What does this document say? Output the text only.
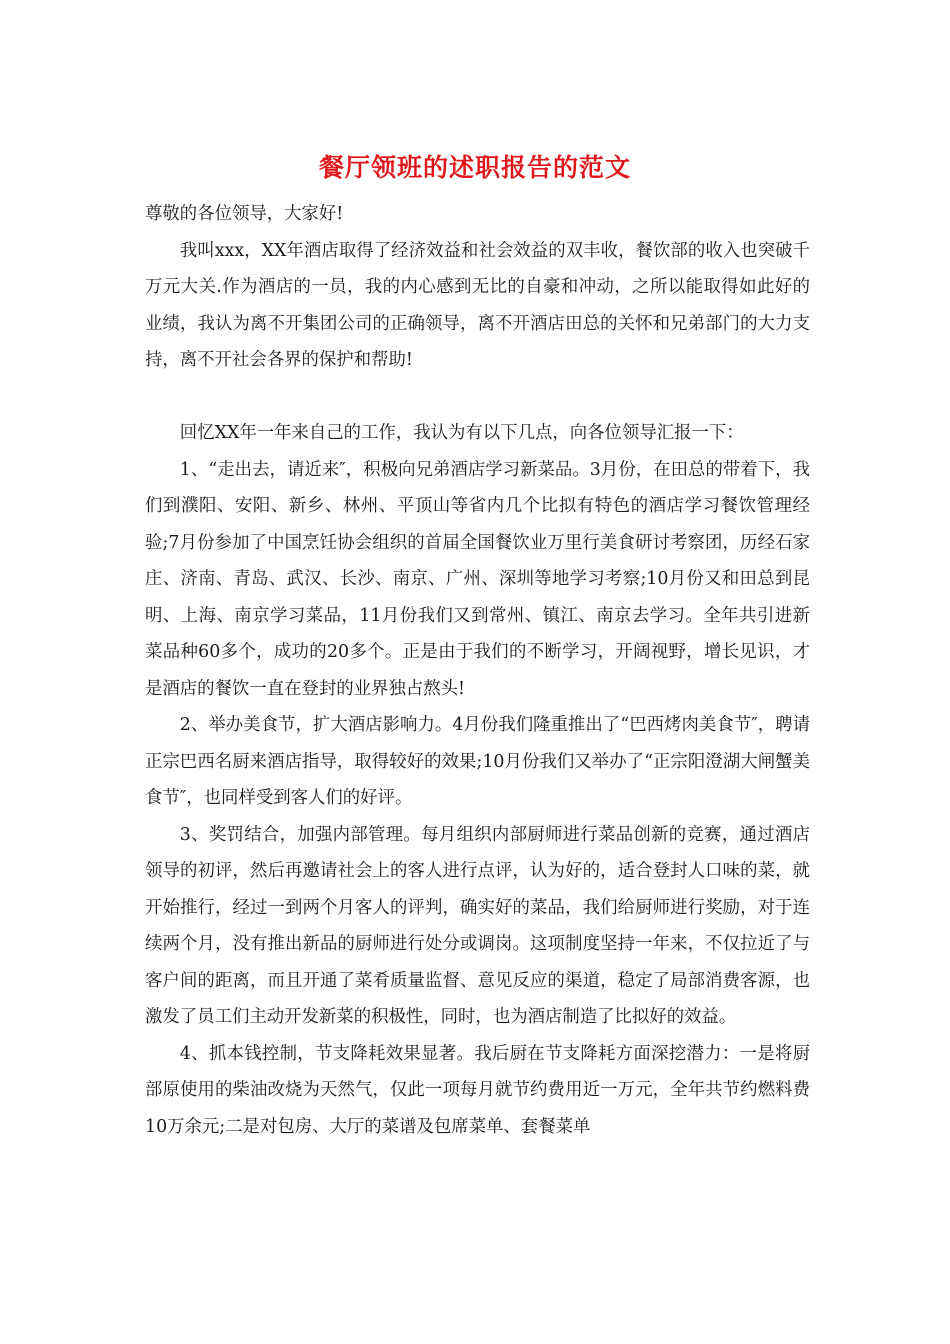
餐厅领班的述职报告的范文

尊敬的各位领导，大家好!

我叫xxx，XX年酒店取得了经济效益和社会效益的双丰收，餐饮部的收入也突破千万元大关.作为酒店的一员，我的内心感到无比的自豪和冲动，之所以能取得如此好的业绩，我认为离不开集团公司的正确领导，离不开酒店田总的关怀和兄弟部门的大力支持，离不开社会各界的保护和帮助!

回忆XX年一年来自己的工作，我认为有以下几点，向各位领导汇报一下：

1、“走出去，请近来″，积极向兄弟酒店学习新菜品。3月份，在田总的带着下，我们到濮阳、安阳、新乡、林州、平顶山等省内几个比拟有特色的酒店学习餐饮管理经验;7月份参加了中国烹饪协会组织的首届全国餐饮业万里行美食研讨考察团，历经石家庄、济南、青岛、武汉、长沙、南京、广州、深圳等地学习考察;10月份又和田总到昆明、上海、南京学习菜品，11月份我们又到常州、镇江、南京去学习。全年共引进新菜品种60多个，成功的20多个。正是由于我们的不断学习，开阔视野，增长见识，才是酒店的餐饮一直在登封的业界独占熬头!

2、举办美食节，扩大酒店影响力。4月份我们隆重推出了“巴西烤肉美食节″，聘请正宗巴西名厨来酒店指导，取得较好的效果;10月份我们又举办了“正宗阳澄湖大闸蟹美食节″，也同样受到客人们的好评。

3、奖罚结合，加强内部管理。每月组织内部厨师进行菜品创新的竞赛，通过酒店领导的初评，然后再邀请社会上的客人进行点评，认为好的，适合登封人口味的菜，就开始推行，经过一到两个月客人的评判，确实好的菜品，我们给厨师进行奖励，对于连续两个月，没有推出新品的厨师进行处分或调岗。这项制度坚持一年来，不仅拉近了与客户间的距离，而且开通了菜肴质量监督、意见反应的渠道，稳定了局部消费客源，也激发了员工们主动开发新菜的积极性，同时，也为酒店制造了比拟好的效益。

4、抓本钱控制，节支降耗效果显著。我后厨在节支降耗方面深挖潜力：一是将厨部原使用的柴油改烧为天然气，仅此一项每月就节约费用近一万元，全年共节约燃料费10万余元;二是对包房、大厅的菜谱及包席菜单、套餐菜单
